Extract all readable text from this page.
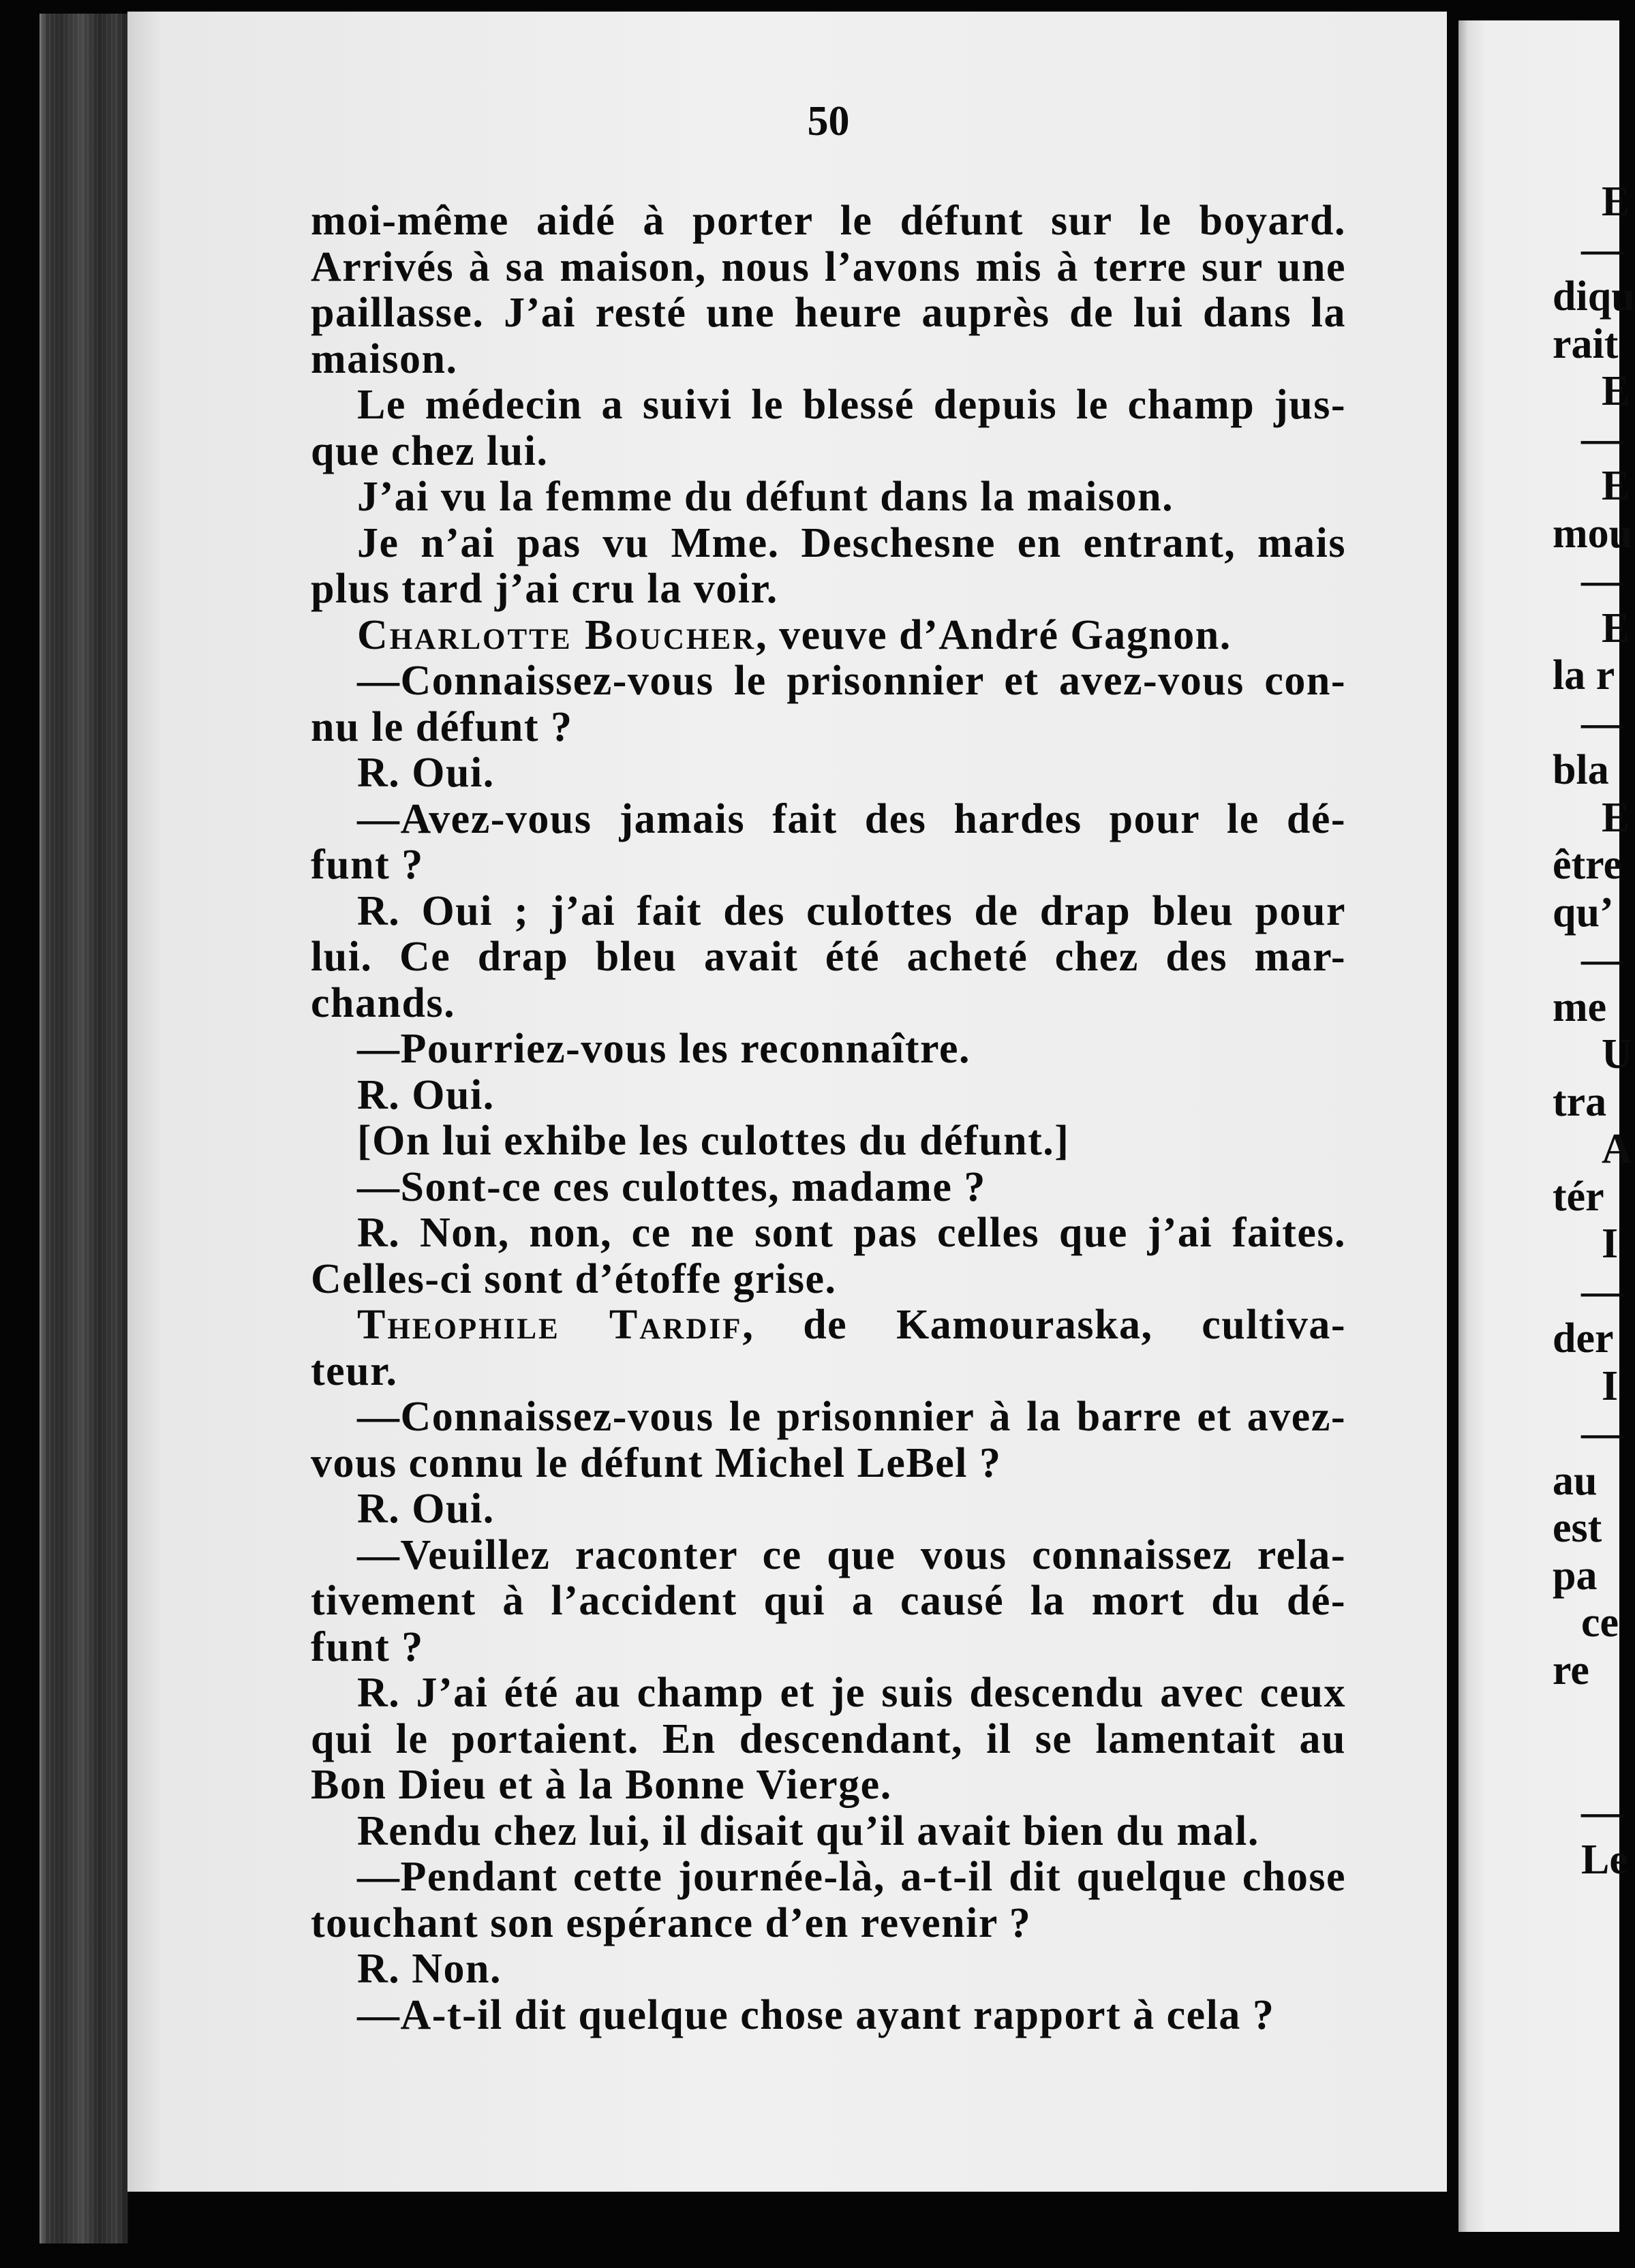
50
moi-même aidé à porter le défunt sur le boyard.
Arrivés à sa maison, nous l’avons mis à terre sur une
paillasse. J’ai resté une heure auprès de lui dans la
maison.
Le médecin a suivi le blessé depuis le champ jus-
que chez lui.
J’ai vu la femme du défunt dans la maison.
Je n’ai pas vu Mme. Deschesne en entrant, mais
plus tard j’ai cru la voir.
Charlotte Boucher, veuve d’André Gagnon.
—Connaissez-vous le prisonnier et avez-vous con-
nu le défunt ?
R. Oui.
—Avez-vous jamais fait des hardes pour le dé-
funt ?
R. Oui ; j’ai fait des culottes de drap bleu pour
lui. Ce drap bleu avait été acheté chez des mar-
chands.
—Pourriez-vous les reconnaître.
R. Oui.
[On lui exhibe les culottes du défunt.]
—Sont-ce ces culottes, madame ?
R. Non, non, ce ne sont pas celles que j’ai faites.
Celles-ci sont d’étoffe grise.
Theophile Tardif, de Kamouraska, cultiva-
teur.
—Connaissez-vous le prisonnier à la barre et avez-
vous connu le défunt Michel LeBel ?
R. Oui.
—Veuillez raconter ce que vous connaissez rela-
tivement à l’accident qui a causé la mort du dé-
funt ?
R. J’ai été au champ et je suis descendu avec ceux
qui le portaient. En descendant, il se lamentait au
Bon Dieu et à la Bonne Vierge.
Rendu chez lui, il disait qu’il avait bien du mal.
—Pendant cette journée-là, a-t-il dit quelque chose
touchant son espérance d’en revenir ?
R. Non.
—A-t-il dit quelque chose ayant rapport à cela ?
E
—
diqu
rait
E
—
E
mou
—
E
la r
—
bla
E
être
qu’
—
me
U
tra
A
tér
I
—
der
I
—
au
est
pa
ce
re
—
Le
